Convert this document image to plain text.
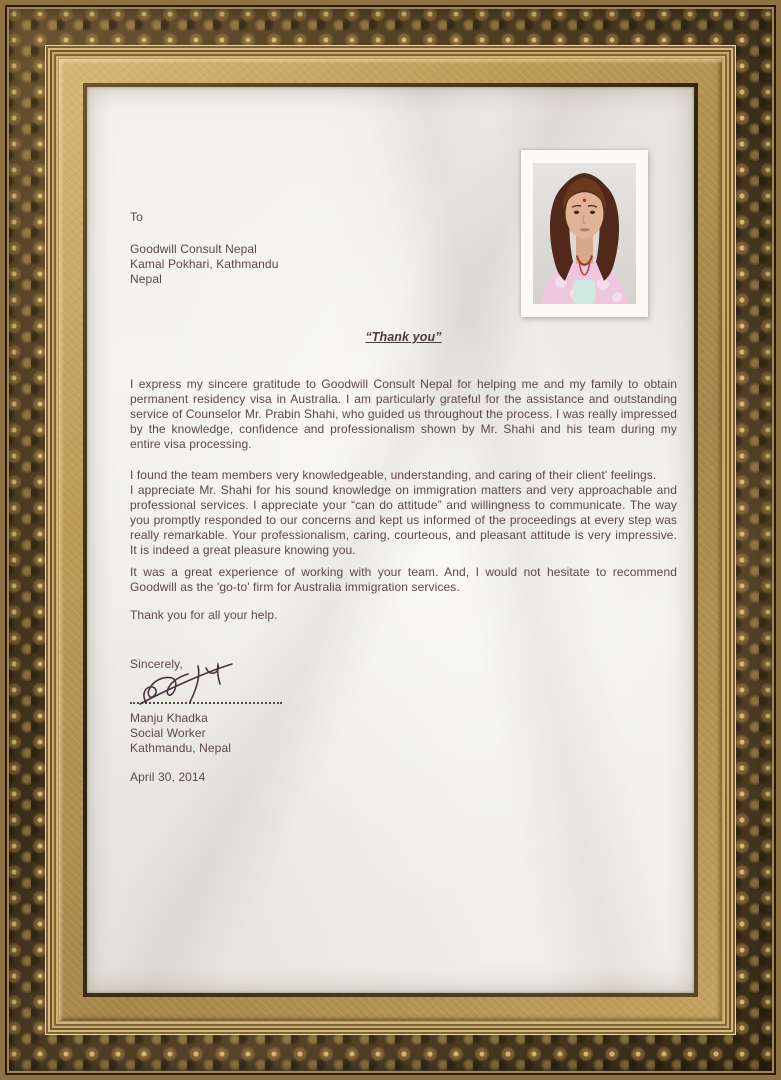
To
Goodwill Consult Nepal
Kamal Pokhari, Kathmandu
Nepal
“Thank you”
I express my sincere gratitude to Goodwill Consult Nepal for helping me and my family to obtain permanent residency visa in Australia. I am particularly grateful for the assistance and outstanding service of Counselor Mr. Prabin Shahi, who guided us throughout the process. I was really impressed by the knowledge, confidence and professionalism shown by Mr. Shahi and his team during my entire visa processing.
I found the team members very knowledgeable, understanding, and caring of their client' feelings.
I appreciate Mr. Shahi for his sound knowledge on immigration matters and very approachable and professional services. I appreciate your “can do attitude” and willingness to communicate. The way you promptly responded to our concerns and kept us informed of the proceedings at every step was really remarkable. Your professionalism, caring, courteous, and pleasant attitude is very impressive. It is indeed a great pleasure knowing you.
It was a great experience of working with your team. And, I would not hesitate to recommend Goodwill as the 'go-to' firm for Australia immigration services.
Thank you for all your help.
Sincerely,
Manju Khadka
Social Worker
Kathmandu, Nepal
April 30, 2014
